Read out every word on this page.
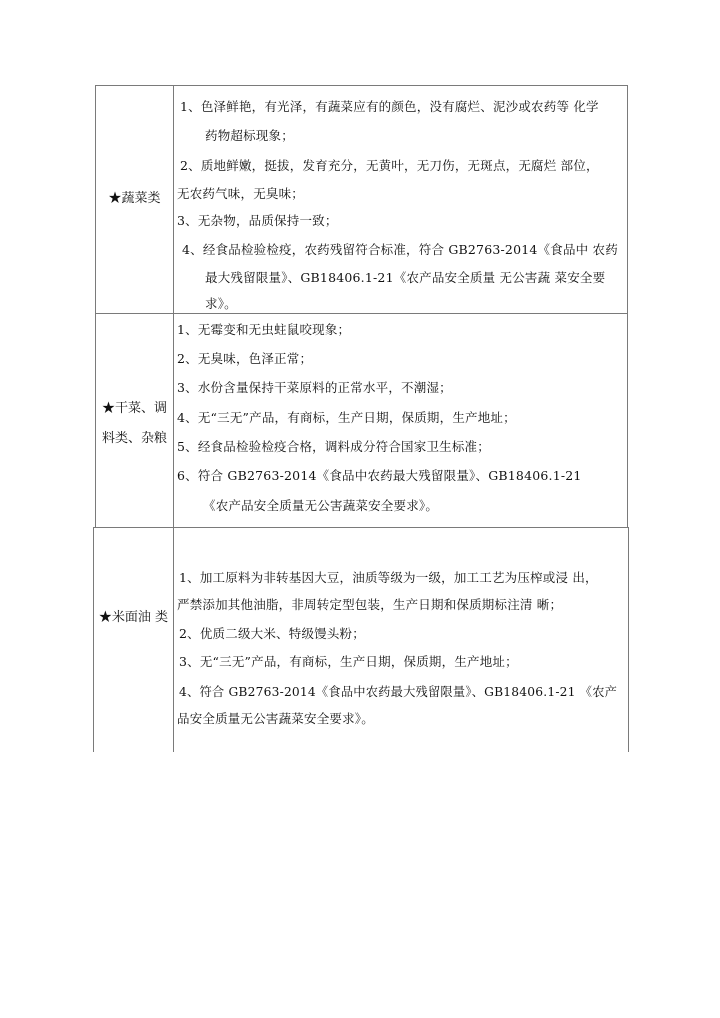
★蔬菜类
1、色泽鲜艳，有光泽，有蔬菜应有的颜色，没有腐烂、泥沙或农药等 化学
药物超标现象；
2、质地鲜嫩，挺拔，发育充分，无黄叶，无刀伤，无斑点，无腐烂 部位，
无农药气味，无臭味；
3、无杂物，品质保持一致；
4、经食品检验检疫，农药残留符合标准，符合 GB2763-2014《食品中 农药
最大残留限量》、GB18406.1-21《农产品安全质量 无公害蔬 菜安全要
求》。
★干菜、调
料类、杂粮
1、无霉变和无虫蛀鼠咬现象；
2、无臭味，色泽正常；
3、水份含量保持干菜原料的正常水平，不潮湿；
4、无“三无”产品，有商标，生产日期，保质期，生产地址；
5、经食品检验检疫合格，调料成分符合国家卫生标准；
6、符合 GB2763-2014《食品中农药最大残留限量》、GB18406.1-21
《农产品安全质量无公害蔬菜安全要求》。
★米面油 类
1、加工原料为非转基因大豆，油质等级为一级，加工工艺为压榨或浸 出，
严禁添加其他油脂，非周转定型包装，生产日期和保质期标注清 晰；
2、优质二级大米、特级馒头粉；
3、无“三无”产品，有商标，生产日期，保质期，生产地址；
4、符合 GB2763-2014《食品中农药最大残留限量》、GB18406.1-21 《农产
品安全质量无公害蔬菜安全要求》。
